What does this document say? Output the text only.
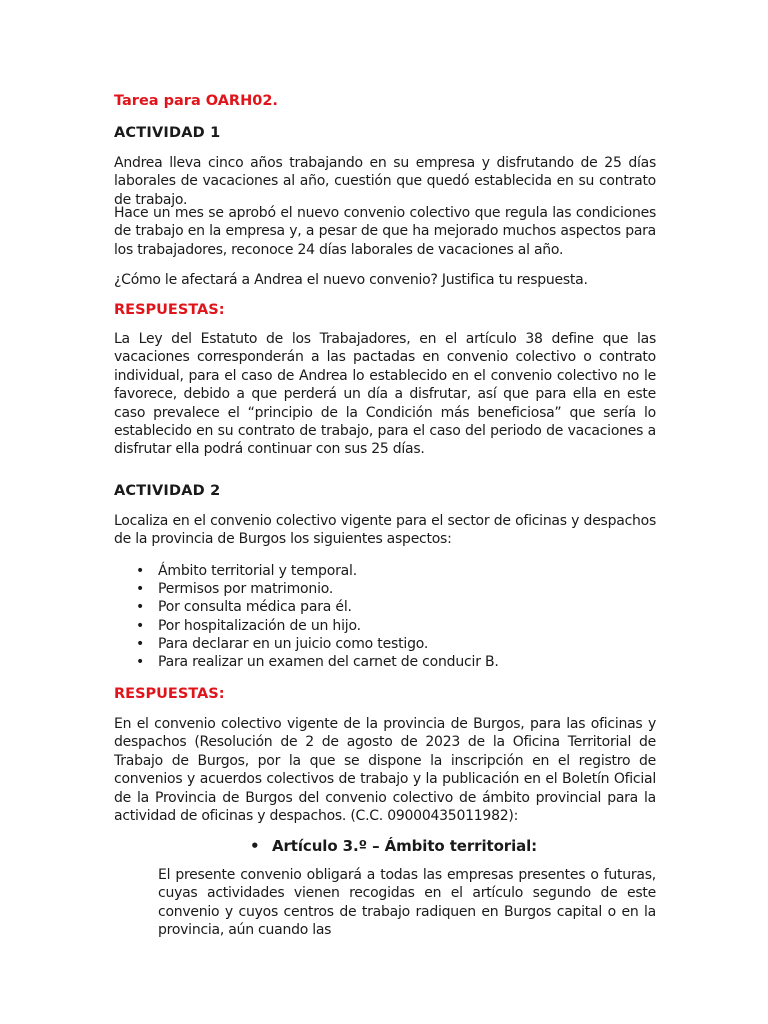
Tarea para OARH02.
ACTIVIDAD 1

Andrea lleva cinco años trabajando en su empresa y disfrutando de 25 días laborales de vacaciones al año, cuestión que quedó establecida en su contrato de trabajo.

Hace un mes se aprobó el nuevo convenio colectivo que regula las condiciones de trabajo en la empresa y, a pesar de que ha mejorado muchos aspectos para los trabajadores, reconoce 24 días laborales de vacaciones al año.

¿Cómo le afectará a Andrea el nuevo convenio? Justifica tu respuesta.

RESPUESTAS:

La Ley del Estatuto de los Trabajadores, en el artículo 38 define que las vacaciones corresponderán a las pactadas en convenio colectivo o contrato individual, para el caso de Andrea lo establecido en el convenio colectivo no le favorece, debido a que perderá un día a disfrutar, así que para ella en este caso prevalece el “principio de la Condición más beneficiosa” que sería lo establecido en su contrato de trabajo, para el caso del periodo de vacaciones a disfrutar ella podrá continuar con sus 25 días.

ACTIVIDAD 2

Localiza en el convenio colectivo vigente para el sector de oficinas y despachos de la provincia de Burgos los siguientes aspectos:

• Ámbito territorial y temporal.
• Permisos por matrimonio.
• Por consulta médica para él.
• Por hospitalización de un hijo.
• Para declarar en un juicio como testigo.
• Para realizar un examen del carnet de conducir B.
RESPUESTAS:

En el convenio colectivo vigente de la provincia de Burgos, para las oficinas y despachos (Resolución de 2 de agosto de 2023 de la Oficina Territorial de Trabajo de Burgos, por la que se dispone la inscripción en el registro de convenios y acuerdos colectivos de trabajo y la publicación en el Boletín Oficial de la Provincia de Burgos del convenio colectivo de ámbito provincial para la actividad de oficinas y despachos. (C.C. 09000435011982):

• Artículo 3.º – Ámbito territorial:

El presente convenio obligará a todas las empresas presentes o futuras, cuyas actividades vienen recogidas en el artículo segundo de este convenio y cuyos centros de trabajo radiquen en Burgos capital o en la provincia, aún cuando las
